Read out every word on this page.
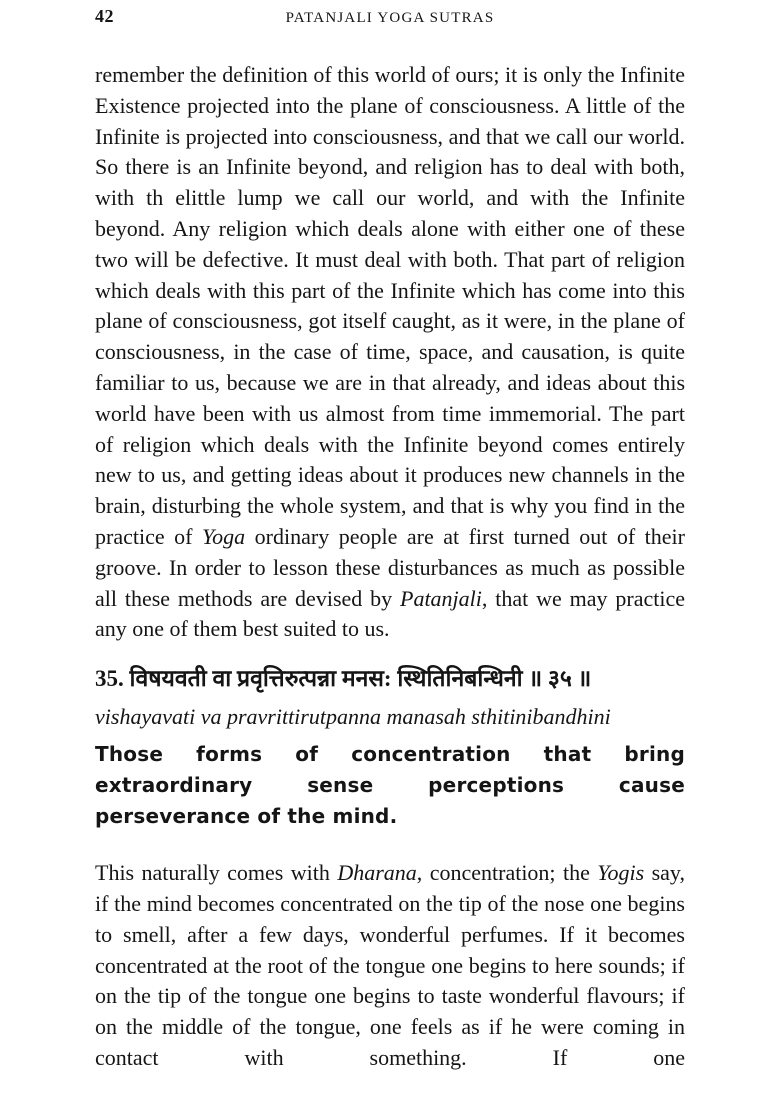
42	PATANJALI YOGA SUTRAS

remember the definition of this world of ours; it is only the Infinite Existence projected into the plane of consciousness. A little of the Infinite is projected into consciousness, and that we call our world. So there is an Infinite beyond, and religion has to deal with both, with th elittle lump we call our world, and with the Infinite beyond. Any religion which deals alone with either one of these two will be defective. It must deal with both. That part of religion which deals with this part of the Infinite which has come into this plane of consciousness, got itself caught, as it were, in the plane of consciousness, in the case of time, space, and causation, is quite familiar to us, because we are in that already, and ideas about this world have been with us almost from time immemorial. The part of religion which deals with the Infinite beyond comes entirely new to us, and getting ideas about it produces new channels in the brain, disturbing the whole system, and that is why you find in the practice of Yoga ordinary people are at first turned out of their groove. In order to lesson these disturbances as much as possible all these methods are devised by Patanjali, that we may practice any one of them best suited to us.

35. विषयवती वा प्रवृत्तिरुत्पन्ना मनस: स्थितिनिबन्धिनी ॥ ३५ ॥

vishayavati va pravrittirutpanna manasah sthitinibandhini

Those forms of concentration that bring extraordinary sense perceptions cause perseverance of the mind.

This naturally comes with Dharana, concentration; the Yogis say, if the mind becomes concentrated on the tip of the nose one begins to smell, after a few days, wonderful perfumes. If it becomes concentrated at the root of the tongue one begins to here sounds; if on the tip of the tongue one begins to taste wonderful flavours; if on the middle of the tongue, one feels as if he were coming in contact with something. If one
